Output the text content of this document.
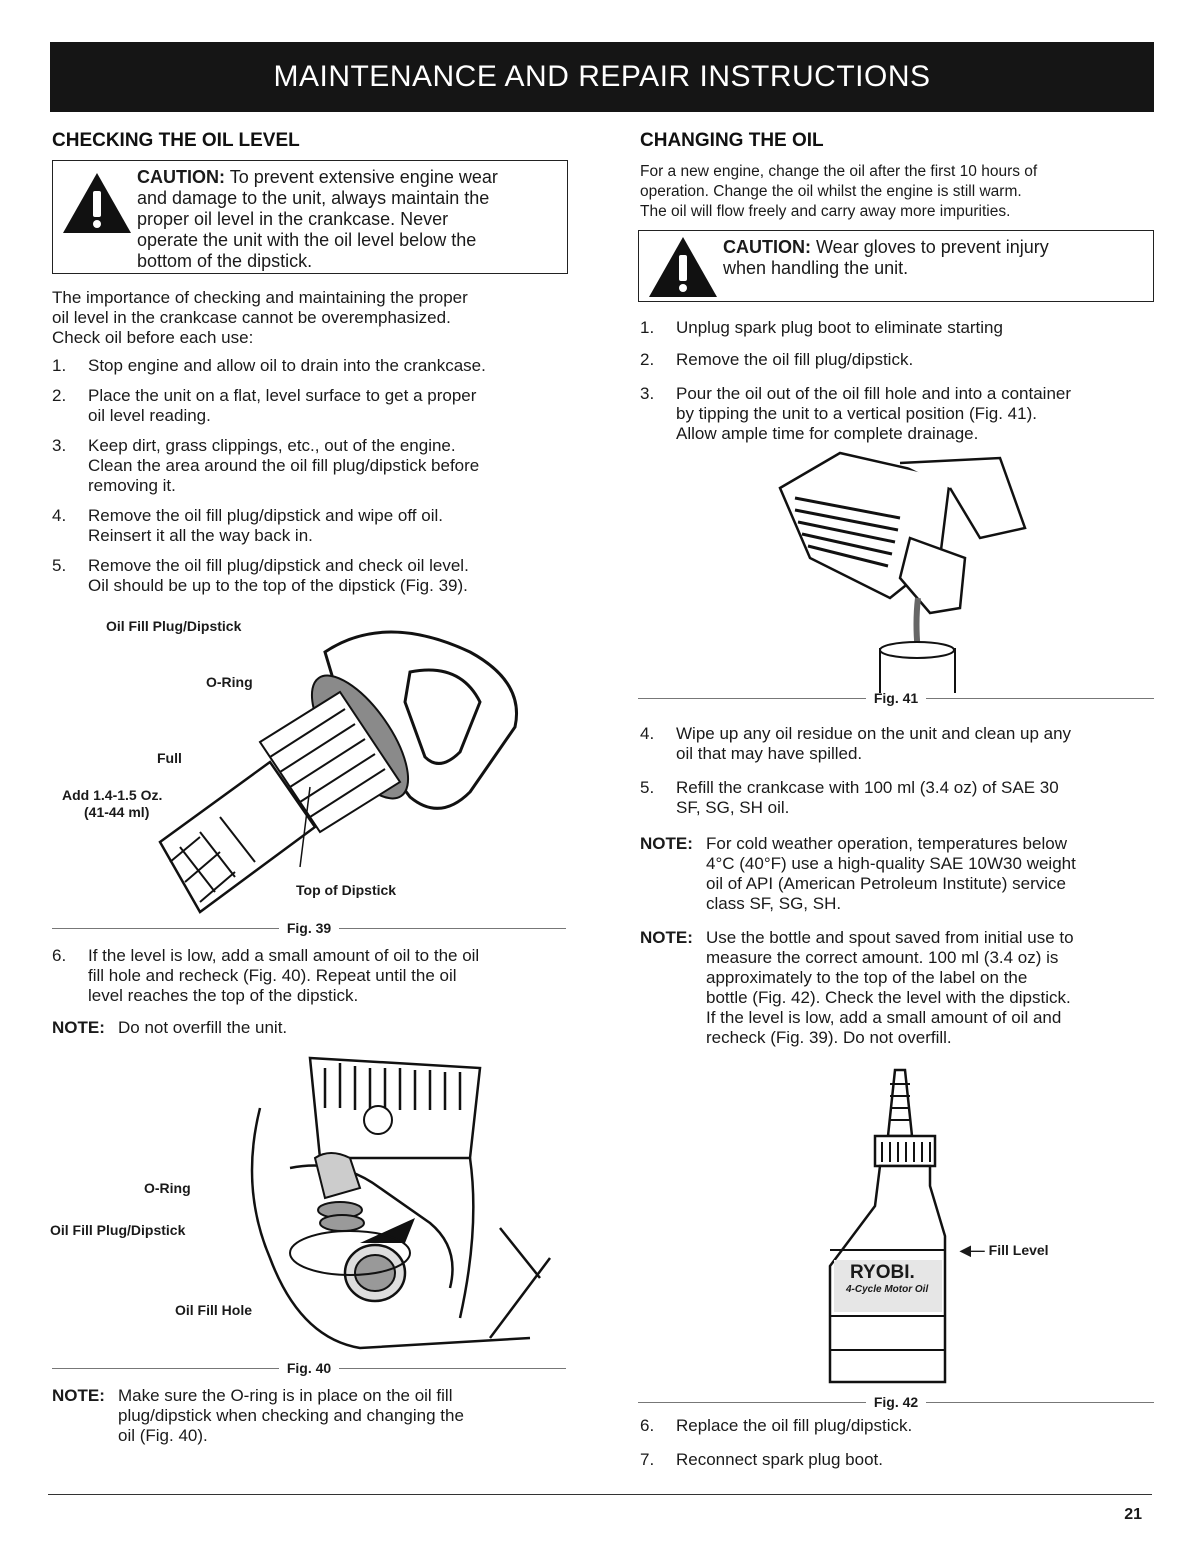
MAINTENANCE AND REPAIR INSTRUCTIONS
CHECKING THE OIL LEVEL
CAUTION: To prevent extensive engine wear
and damage to the unit, always maintain the
proper oil level in the crankcase. Never
operate the unit with the oil level below the
bottom of the dipstick.
The importance of checking and maintaining the proper
oil level in the crankcase cannot be overemphasized.
Check oil before each use:
1. Stop engine and allow oil to drain into the crankcase.
2. Place the unit on a flat, level surface to get a proper
oil level reading.
3. Keep dirt, grass clippings, etc., out of the engine.
Clean the area around the oil fill plug/dipstick before
removing it.
4. Remove the oil fill plug/dipstick and wipe off oil.
Reinsert it all the way back in.
5. Remove the oil fill plug/dipstick and check oil level.
Oil should be up to the top of the dipstick (Fig. 39).
Oil Fill Plug/Dipstick
O-Ring
Full
Add 1.4-1.5 Oz.
(41-44 ml)
Top of Dipstick
Fig. 39
6. If the level is low, add a small amount of oil to the oil
fill hole and recheck (Fig. 40). Repeat until the oil
level reaches the top of the dipstick.
NOTE: Do not overfill the unit.
O-Ring
Oil Fill Plug/Dipstick
Oil Fill Hole
Fig. 40
NOTE: Make sure the O-ring is in place on the oil fill
plug/dipstick when checking and changing the
oil (Fig. 40).
CHANGING THE OIL
For a new engine, change the oil after the first 10 hours of
operation. Change the oil whilst the engine is still warm.
The oil will flow freely and carry away more impurities.
CAUTION: Wear gloves to prevent injury
when handling the unit.
1. Unplug spark plug boot to eliminate starting
2. Remove the oil fill plug/dipstick.
3. Pour the oil out of the oil fill hole and into a container
by tipping the unit to a vertical position (Fig. 41).
Allow ample time for complete drainage.
Fig. 41
4. Wipe up any oil residue on the unit and clean up any
oil that may have spilled.
5. Refill the crankcase with 100 ml (3.4 oz) of SAE 30
SF, SG, SH oil.
NOTE: For cold weather operation, temperatures below
4°C (40°F) use a high-quality SAE 10W30 weight
oil of API (American Petroleum Institute) service
class SF, SG, SH.
NOTE: Use the bottle and spout saved from initial use to
measure the correct amount. 100 ml (3.4 oz) is
approximately to the top of the label on the
bottle (Fig. 42). Check the level with the dipstick.
If the level is low, add a small amount of oil and
recheck (Fig. 39). Do not overfill.
RYOBI.
4-Cycle Motor Oil
◀— Fill Level
Fig. 42
6. Replace the oil fill plug/dipstick.
7. Reconnect spark plug boot.
21
